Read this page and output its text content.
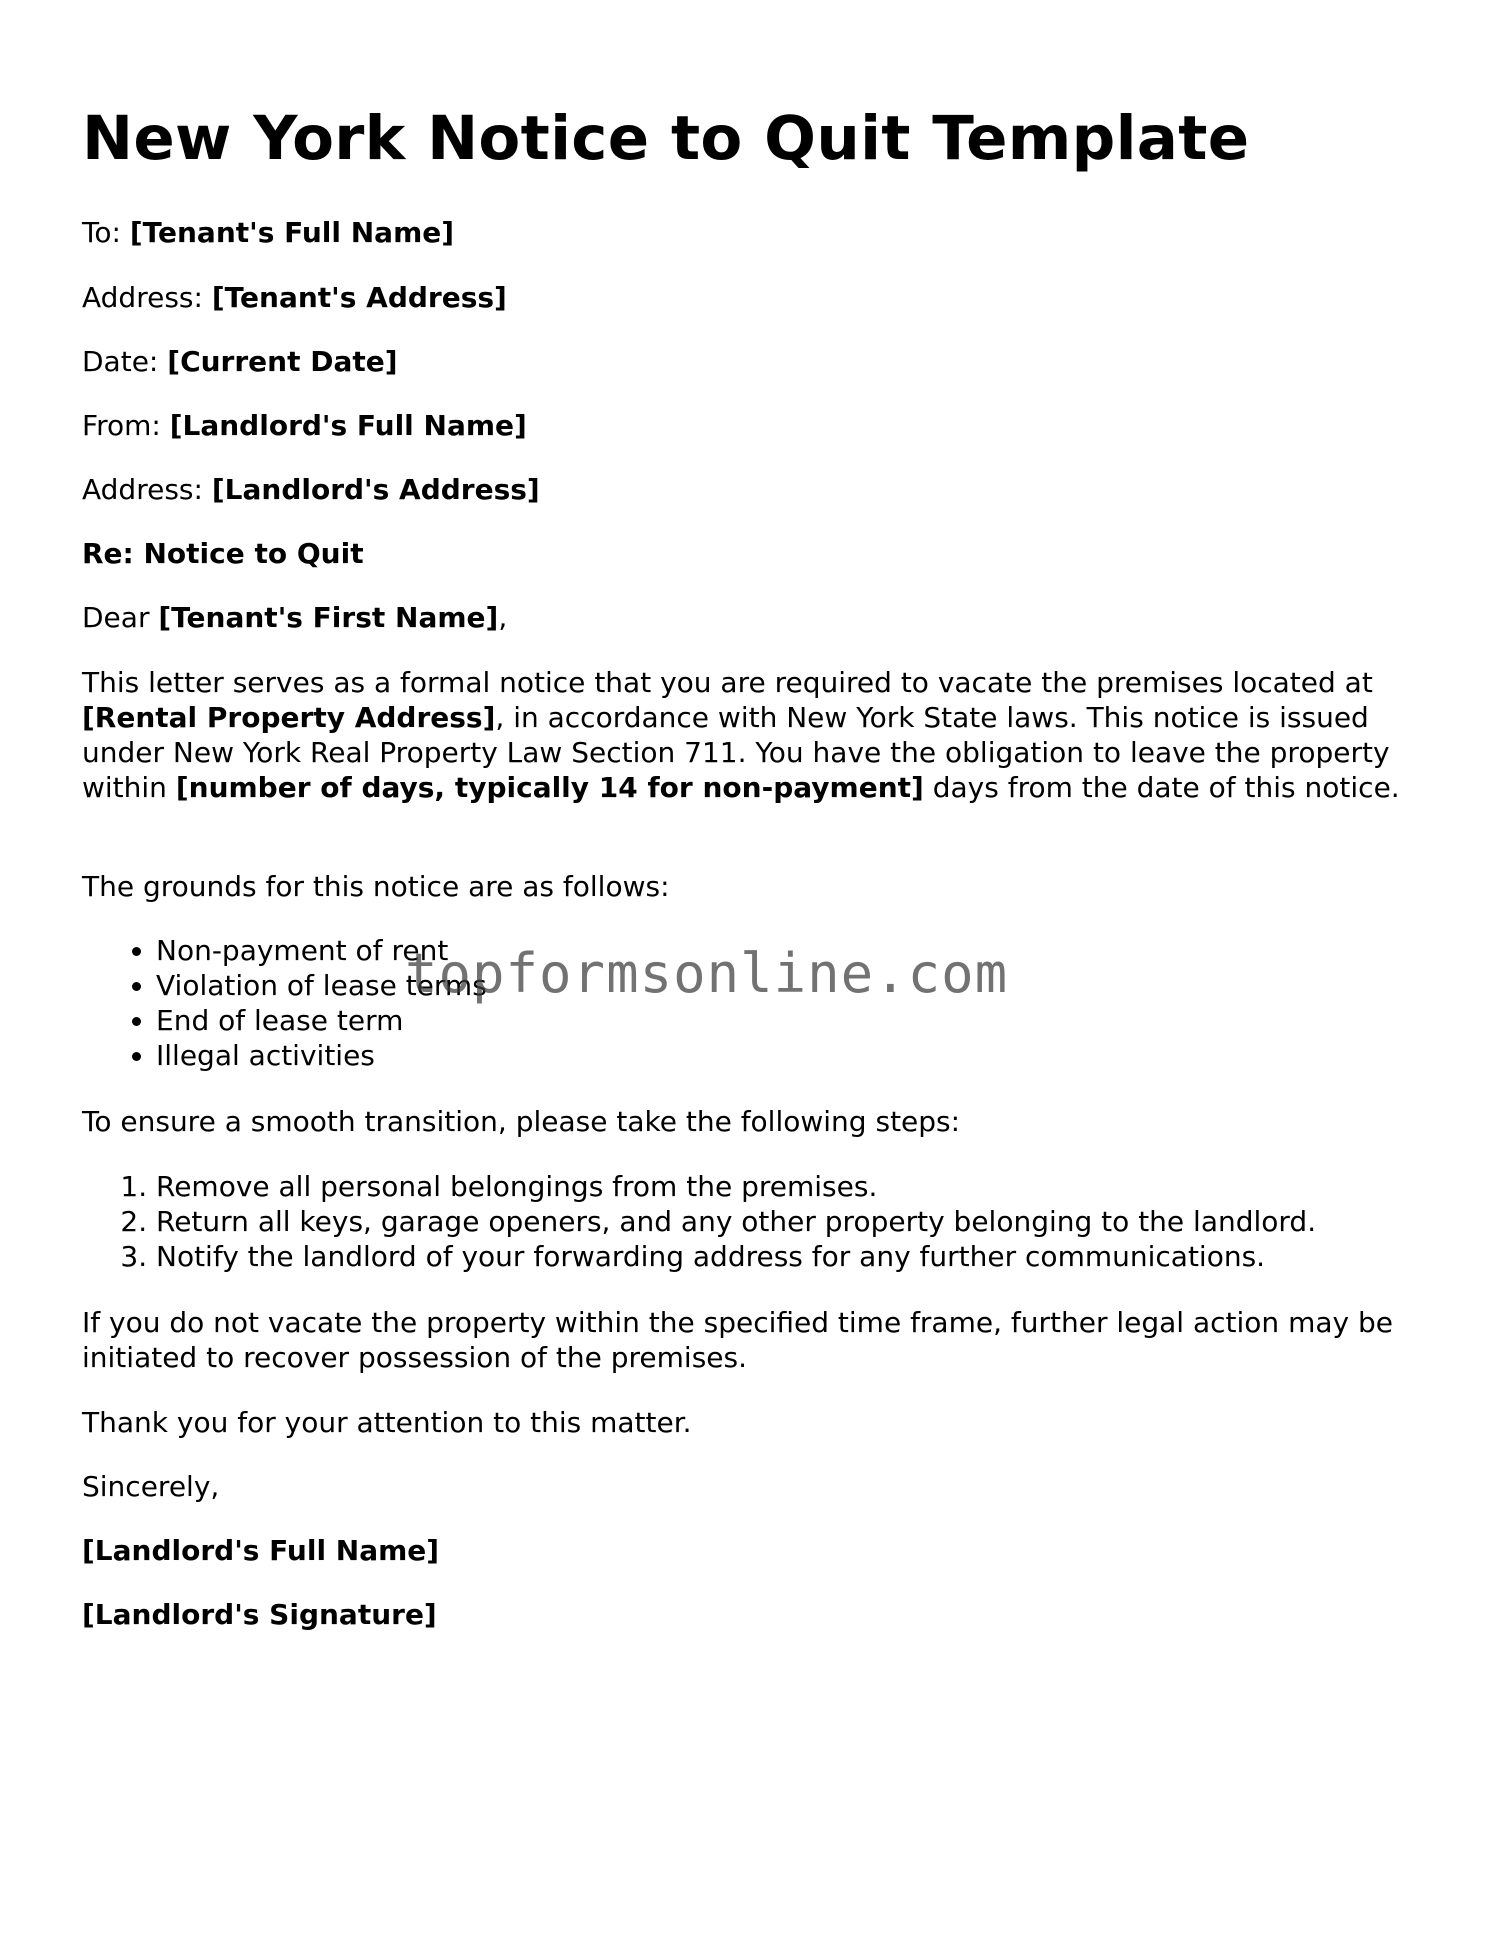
New York Notice to Quit Template

To: [Tenant's Full Name]

Address: [Tenant's Address]

Date: [Current Date]

From: [Landlord's Full Name]

Address: [Landlord's Address]

Re: Notice to Quit

Dear [Tenant's First Name],

This letter serves as a formal notice that you are required to vacate the premises located at [Rental Property Address], in accordance with New York State laws. This notice is issued under New York Real Property Law Section 711. You have the obligation to leave the property within [number of days, typically 14 for non-payment] days from the date of this notice.

The grounds for this notice are as follows:

• Non-payment of rent
• Violation of lease terms
• End of lease term
• Illegal activities

To ensure a smooth transition, please take the following steps:

1. Remove all personal belongings from the premises.
2. Return all keys, garage openers, and any other property belonging to the landlord.
3. Notify the landlord of your forwarding address for any further communications.

If you do not vacate the property within the specified time frame, further legal action may be initiated to recover possession of the premises.

Thank you for your attention to this matter.

Sincerely,

[Landlord's Full Name]

[Landlord's Signature]

topformsonline.com
